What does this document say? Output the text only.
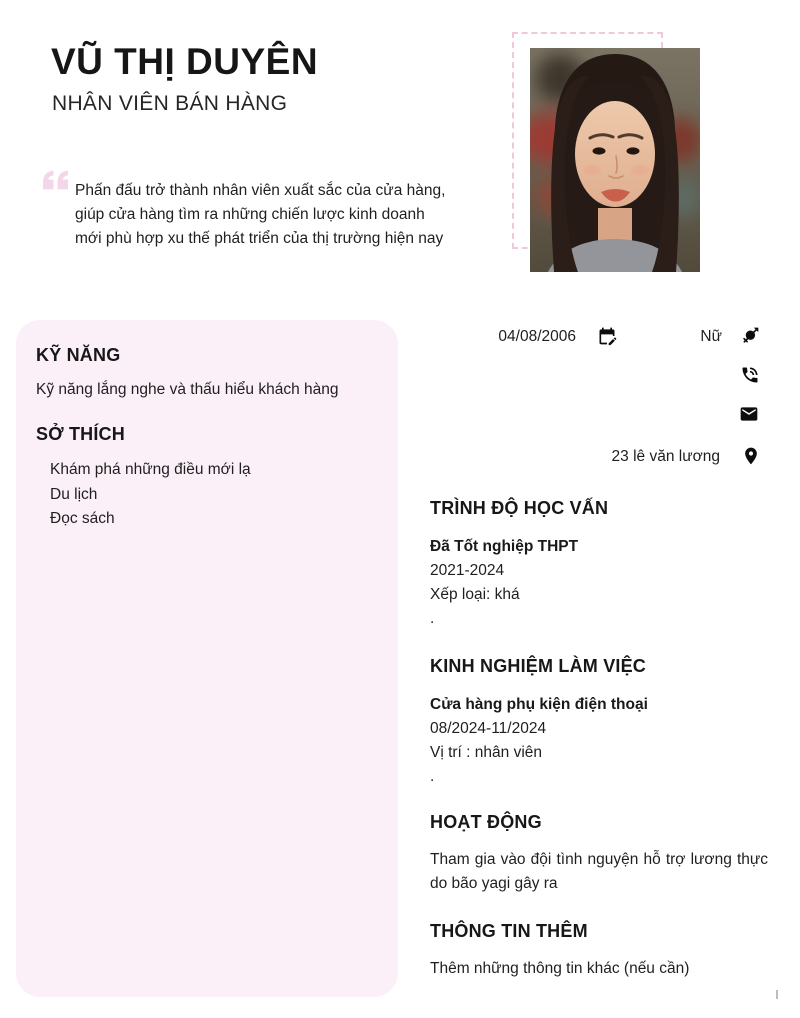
VŨ THỊ DUYÊN
NHÂN VIÊN BÁN HÀNG
Phấn đấu trở thành nhân viên xuất sắc của cửa hàng, giúp cửa hàng tìm ra những chiến lược kinh doanh mới phù hợp xu thế phát triển của thị trường hiện nay
04/08/2006	Nữ
23 lê văn lương
KỸ NĂNG
Kỹ năng lắng nghe và thấu hiểu khách hàng
SỞ THÍCH
Khám phá những điều mới lạ
Du lịch
Đọc sách
TRÌNH ĐỘ HỌC VẤN
Đã Tốt nghiệp THPT
2021-2024
Xếp loại: khá
.
KINH NGHIỆM LÀM VIỆC
Cửa hàng phụ kiện điện thoại
08/2024-11/2024
Vị trí : nhân viên
.
HOẠT ĐỘNG
Tham gia vào đội tình nguyện hỗ trợ lương thực do bão yagi gây ra
THÔNG TIN THÊM
Thêm những thông tin khác (nếu cần)
